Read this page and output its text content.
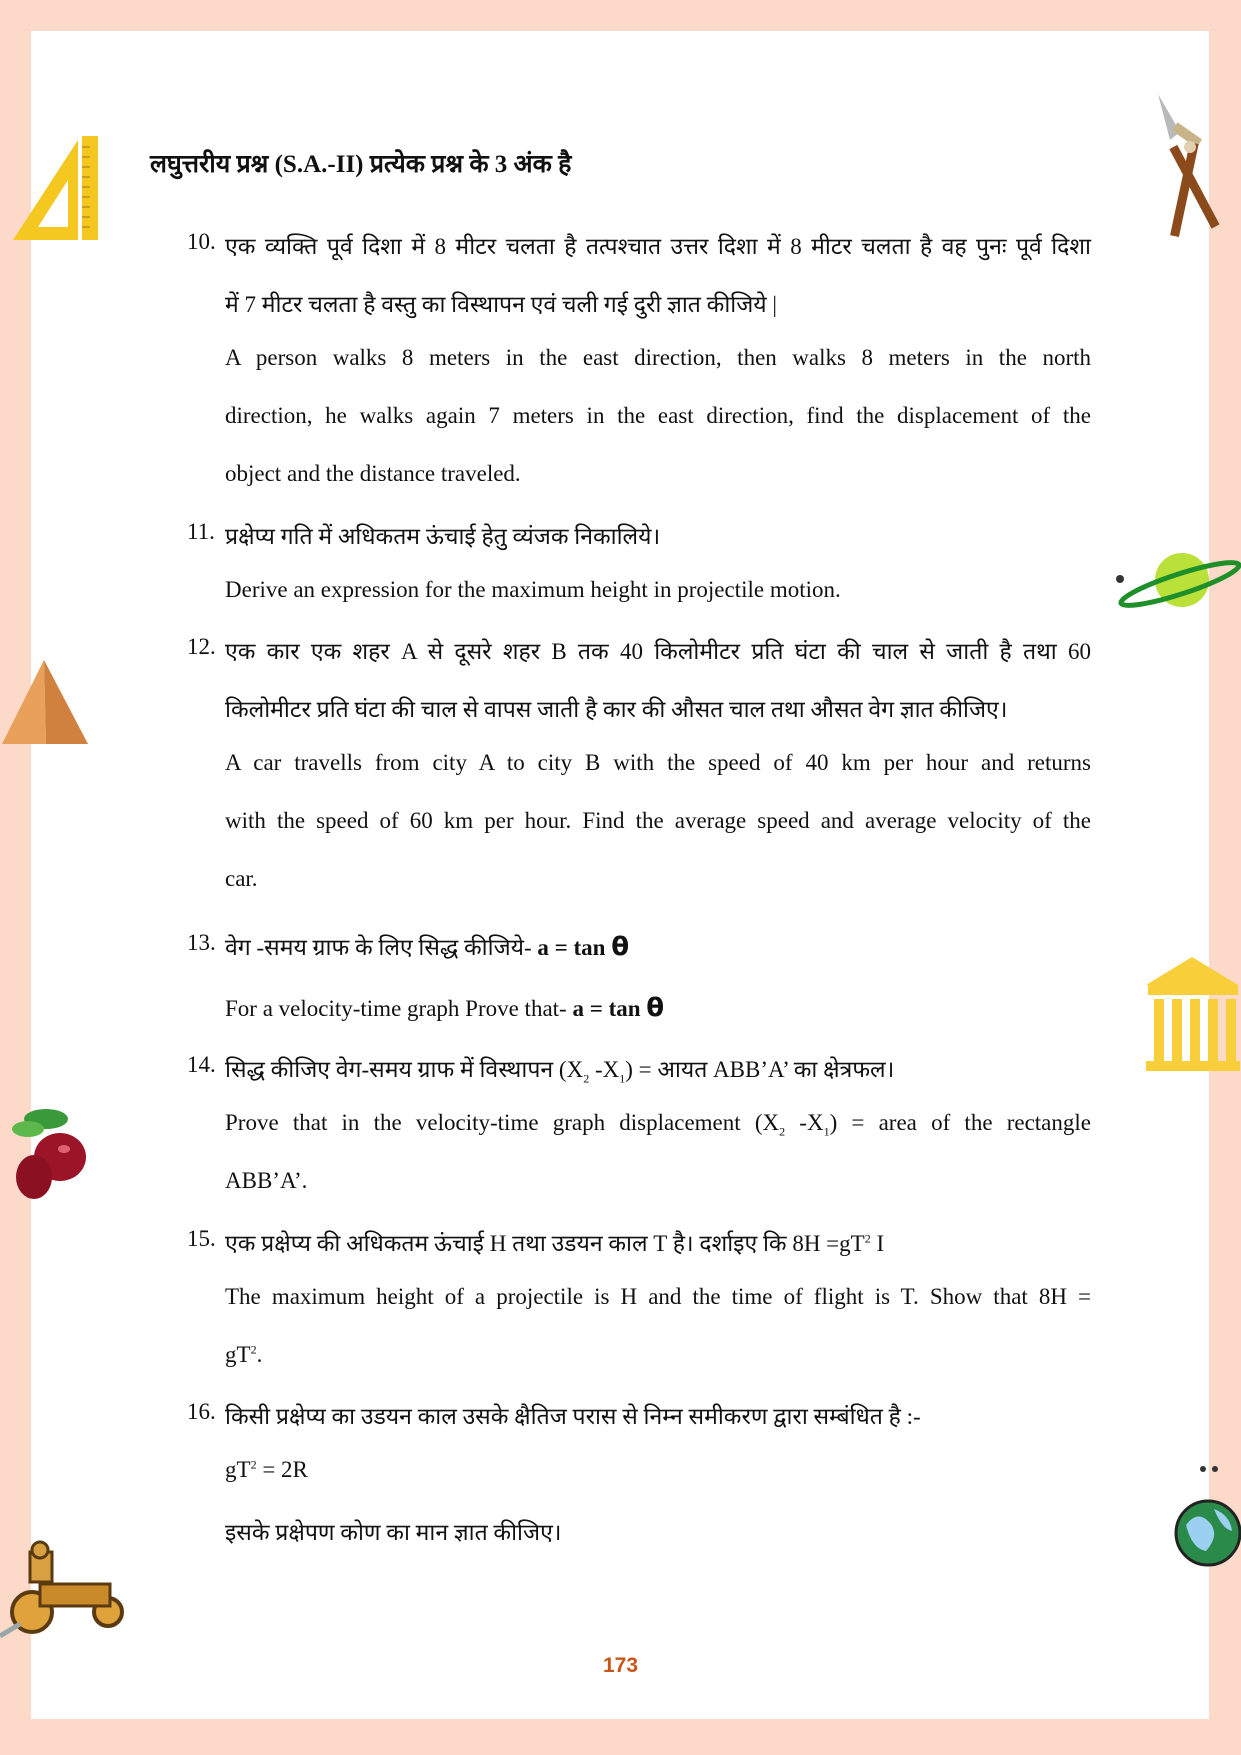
लघुत्तरीय प्रश्न (S.A.-II) प्रत्येक प्रश्न के 3 अंक है
10. एक व्यक्ति पूर्व दिशा में 8 मीटर चलता है तत्पश्चात उत्तर दिशा में 8 मीटर चलता है वह पुनः पूर्व दिशा
में 7 मीटर चलता है वस्तु का विस्थापन एवं चली गई दुरी ज्ञात कीजिये |
A person walks 8 meters in the east direction, then walks 8 meters in the north
direction, he walks again 7 meters in the east direction, find the displacement of the
object and the distance traveled.
11. प्रक्षेप्य गति में अधिकतम ऊंचाई हेतु व्यंजक निकालिये।
Derive an expression for the maximum height in projectile motion.
12. एक कार एक शहर A से दूसरे शहर B तक 40 किलोमीटर प्रति घंटा की चाल से जाती है तथा 60
किलोमीटर प्रति घंटा की चाल से वापस जाती है कार की औसत चाल तथा औसत वेग ज्ञात कीजिए।
A car travells from city A to city B with the speed of 40 km per hour and returns
with the speed of 60 km per hour. Find the average speed and average velocity of the
car.
13. वेग -समय ग्राफ के लिए सिद्ध कीजिये- a = tan θ
For a velocity-time graph Prove that- a = tan θ
14. सिद्ध कीजिए वेग-समय ग्राफ में विस्थापन ($X_2$ $-X_1$) = आयत ABB’A’ का क्षेत्रफल।
Prove that in the velocity-time graph displacement ($X_2$ $-X_1$) = area of the rectangle
ABB’A’.
15. एक प्रक्षेप्य की अधिकतम ऊंचाई H तथा उडयन काल T है। दर्शाइए कि $8H =gT^2$ I
The maximum height of a projectile is H and the time of flight is T. Show that 8H =
$gT^2$.
16. किसी प्रक्षेप्य का उडयन काल उसके क्षैतिज परास से निम्न समीकरण द्वारा सम्बंधित है :-
$gT^2 = 2R$
इसके प्रक्षेपण कोण का मान ज्ञात कीजिए।
173
